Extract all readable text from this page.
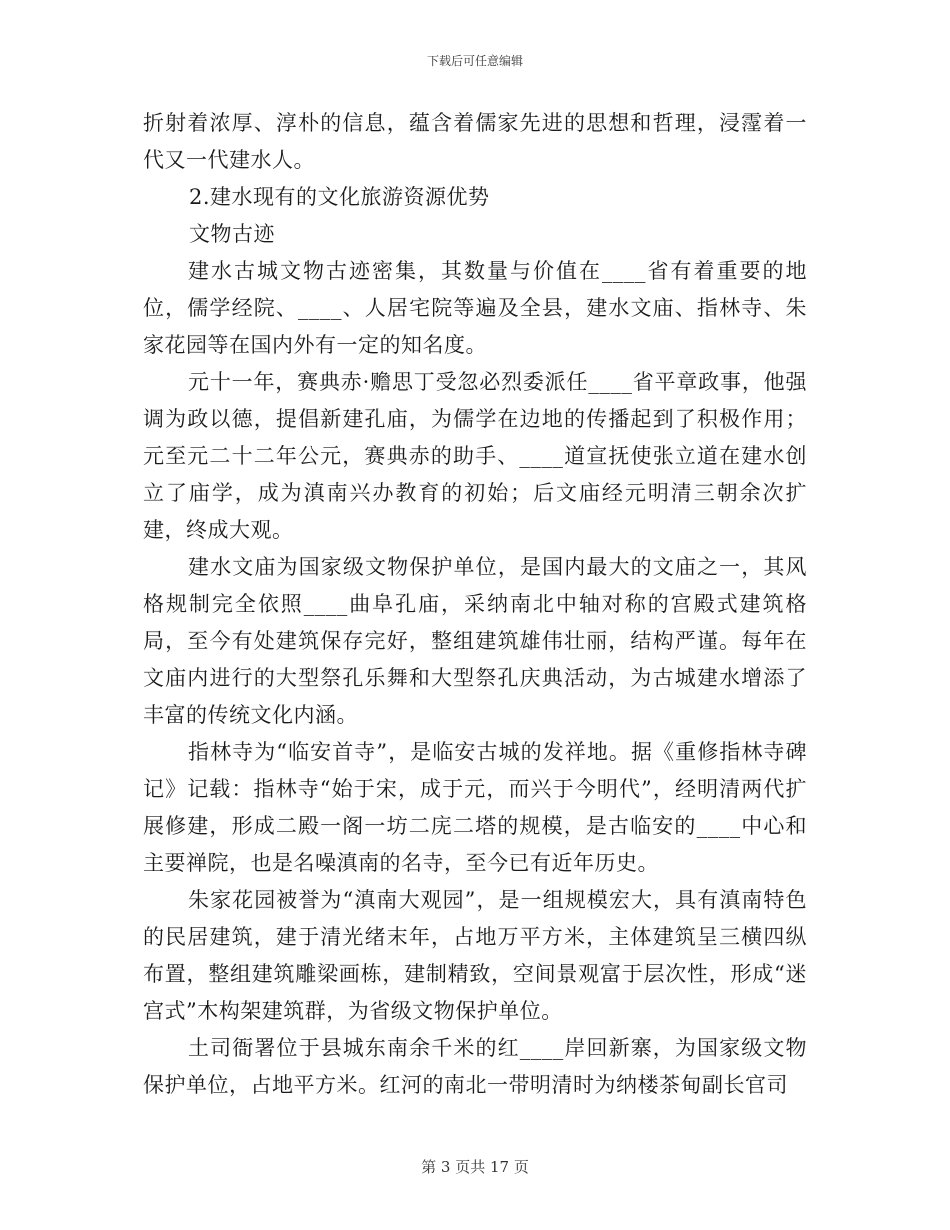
下载后可任意编辑

折射着浓厚、淳朴的信息，蕴含着儒家先进的思想和哲理，浸霪着一代又一代建水人。

2.建水现有的文化旅游资源优势

文物古迹

建水古城文物古迹密集，其数量与价值在____省有着重要的地位，儒学经院、____、人居宅院等遍及全县，建水文庙、指林寺、朱家花园等在国内外有一定的知名度。

元十一年，赛典赤·赡思丁受忽必烈委派任____省平章政事，他强调为政以德，提倡新建孔庙，为儒学在边地的传播起到了积极作用；元至元二十二年公元，赛典赤的助手、____道宣抚使张立道在建水创立了庙学，成为滇南兴办教育的初始；后文庙经元明清三朝余次扩建，终成大观。

建水文庙为国家级文物保护单位，是国内最大的文庙之一，其风格规制完全依照____曲阜孔庙，采纳南北中轴对称的宫殿式建筑格局，至今有处建筑保存完好，整组建筑雄伟壮丽，结构严谨。每年在文庙内进行的大型祭孔乐舞和大型祭孔庆典活动，为古城建水增添了丰富的传统文化内涵。

指林寺为“临安首寺”，是临安古城的发祥地。据《重修指林寺碑记》记载：指林寺“始于宋，成于元，而兴于今明代”，经明清两代扩展修建，形成二殿一阁一坊二庑二塔的规模，是古临安的____中心和主要禅院，也是名噪滇南的名寺，至今已有近年历史。

朱家花园被誉为“滇南大观园”，是一组规模宏大，具有滇南特色的民居建筑，建于清光绪末年，占地万平方米，主体建筑呈三横四纵布置，整组建筑雕梁画栋，建制精致，空间景观富于层次性，形成“迷宫式”木构架建筑群，为省级文物保护单位。

土司衙署位于县城东南余千米的红____岸回新寨，为国家级文物保护单位，占地平方米。红河的南北一带明清时为纳楼茶甸副长官司

第 3 页共 17 页
